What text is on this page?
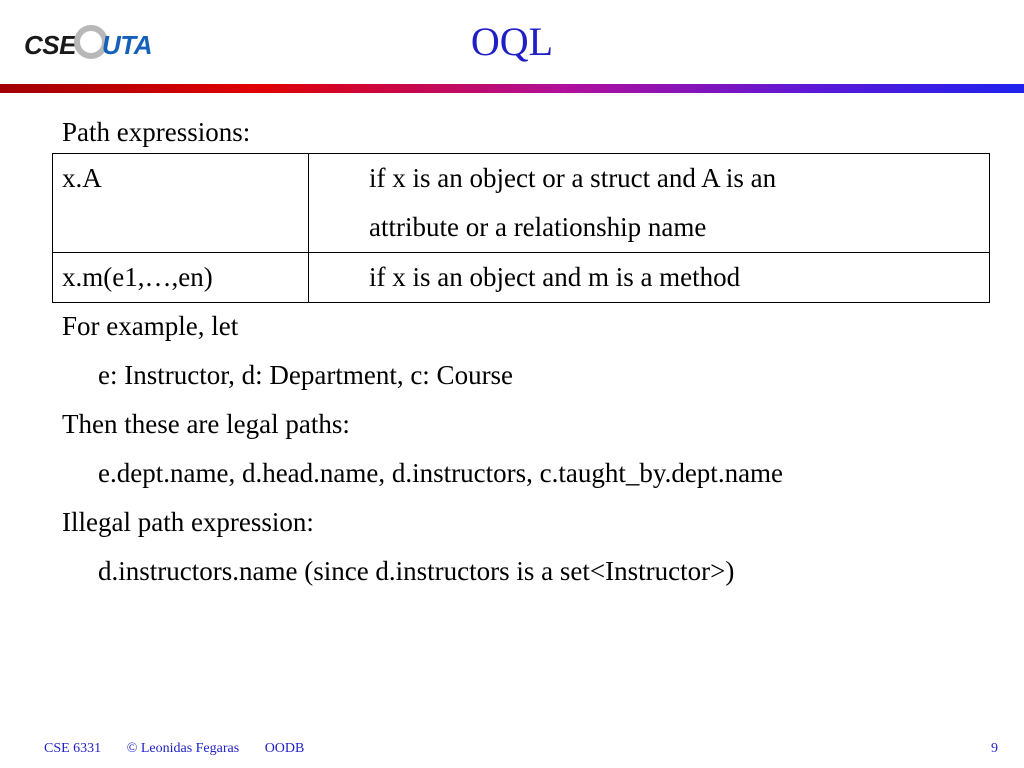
CSE UTA	OQL
Path expressions:
x.A	if x is an object or a struct and A is an
attribute or a relationship name

x.m(e1,…,en)	if x is an object and m is a method
For example, let
e: Instructor, d: Department, c: Course
Then these are legal paths:
e.dept.name, d.head.name, d.instructors, c.taught_by.dept.name
Illegal path expression:
d.instructors.name (since d.instructors is a set<Instructor>)
CSE 6331 © Leonidas Fegaras OODB	9
